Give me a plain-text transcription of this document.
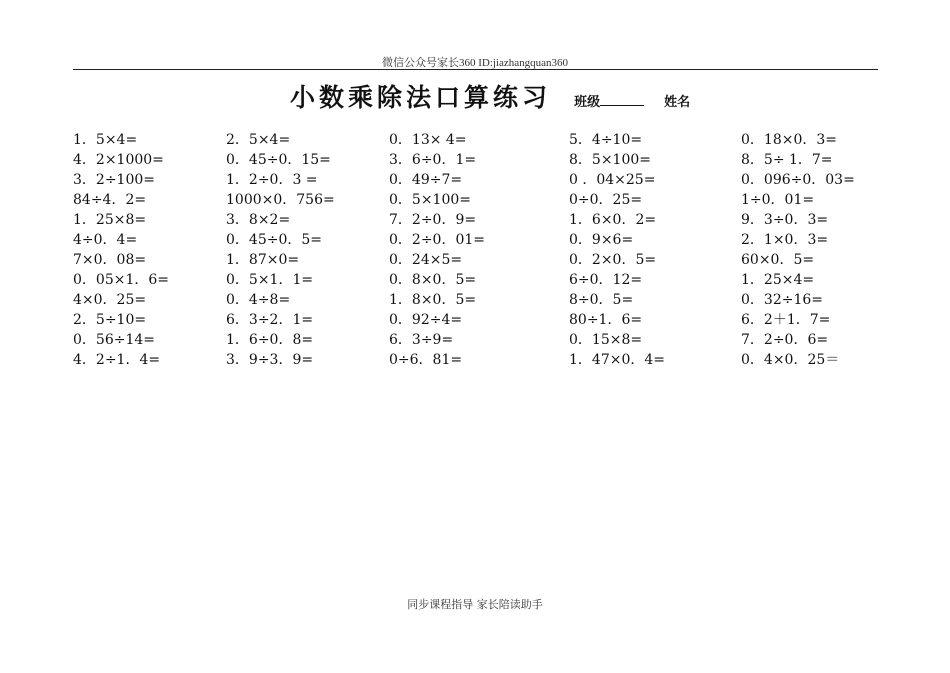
微信公众号家长360 ID:jiazhangquan360
小数乘除法口算练习 班级	姓名
1．5×4=	2．5×4=	0．13× 4=	5．4÷10=	0．18×0．3=
4．2×1000=	0．45÷0．15=	3．6÷0．1=	8．5×100=	8．5÷ 1．7=
3．2÷100=	1．2÷0．3 =	0．49÷7=	0 ．04×25=	0．096÷0．03=
84÷4．2=	1000×0．756=	0．5×100=	0÷0．25=	1÷0．01=
1．25×8=	3．8×2=	7．2÷0．9=	1．6×0．2=	9．3÷0．3=
4÷0．4=	0．45÷0．5=	0．2÷0．01=	0．9×6=	2．1×0．3=
7×0．08=	1．87×0=	0．24×5=	0．2×0．5=	60×0．5=
0．05×1．6=	0．5×1．1=	0．8×0．5=	6÷0．12=	1．25×4=
4×0．25=	0．4÷8=	1．8×0．5=	8÷0．5=	0．32÷16=
2．5÷10=	6．3÷2．1=	0．92÷4=	80÷1．6=	6．2＋1．7=
0．56÷14=	1．6÷0．8=	6．3÷9=	0．15×8=	7．2÷0．6=
4．2÷1．4=	3．9÷3．9=	0÷6．81=	1．47×0．4=	0．4×0．25＝
同步课程指导 家长陪读助手
